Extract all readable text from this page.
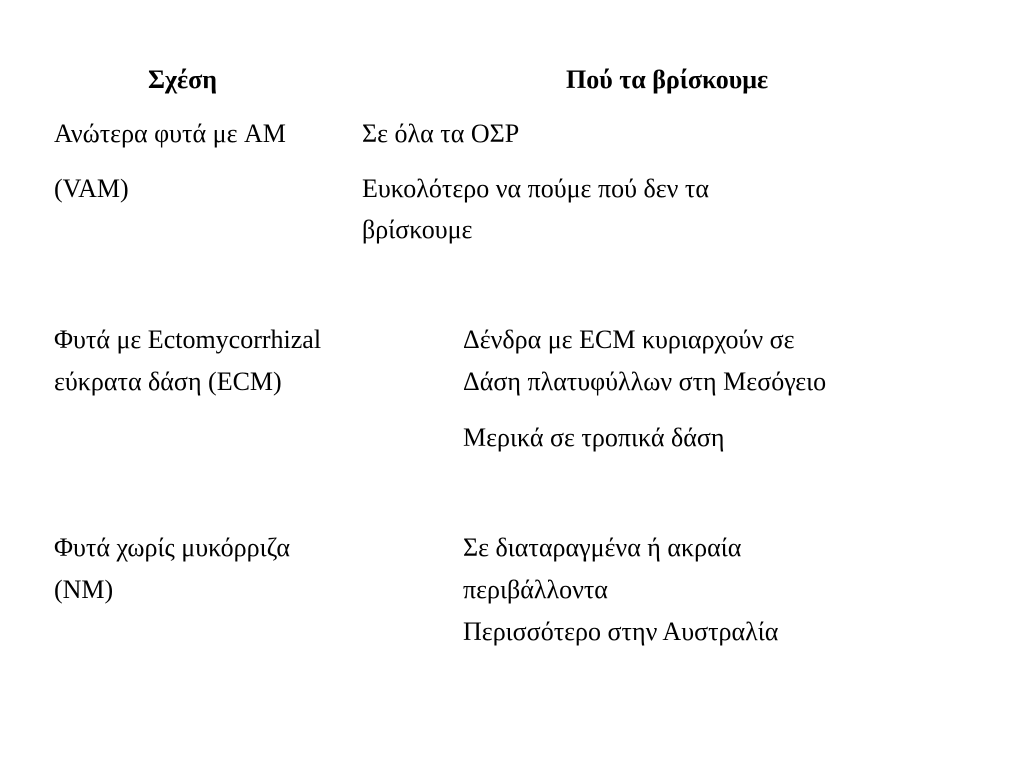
Σχέση	Πού τα βρίσκουμε
Ανώτερα φυτά με AM
(VAM)
Σε όλα τα ΟΣΡ
Ευκολότερο να πούμε πού δεν τα
βρίσκουμε
Φυτά με Ectomycorrhizal
εύκρατα δάση (ECM)
Δένδρα με ECM κυριαρχούν σε
Δάση πλατυφύλλων στη Μεσόγειο
Μερικά σε τροπικά δάση
Φυτά χωρίς μυκόρριζα
(NM)
Σε διαταραγμένα ή ακραία
περιβάλλοντα
Περισσότερο στην Αυστραλία
